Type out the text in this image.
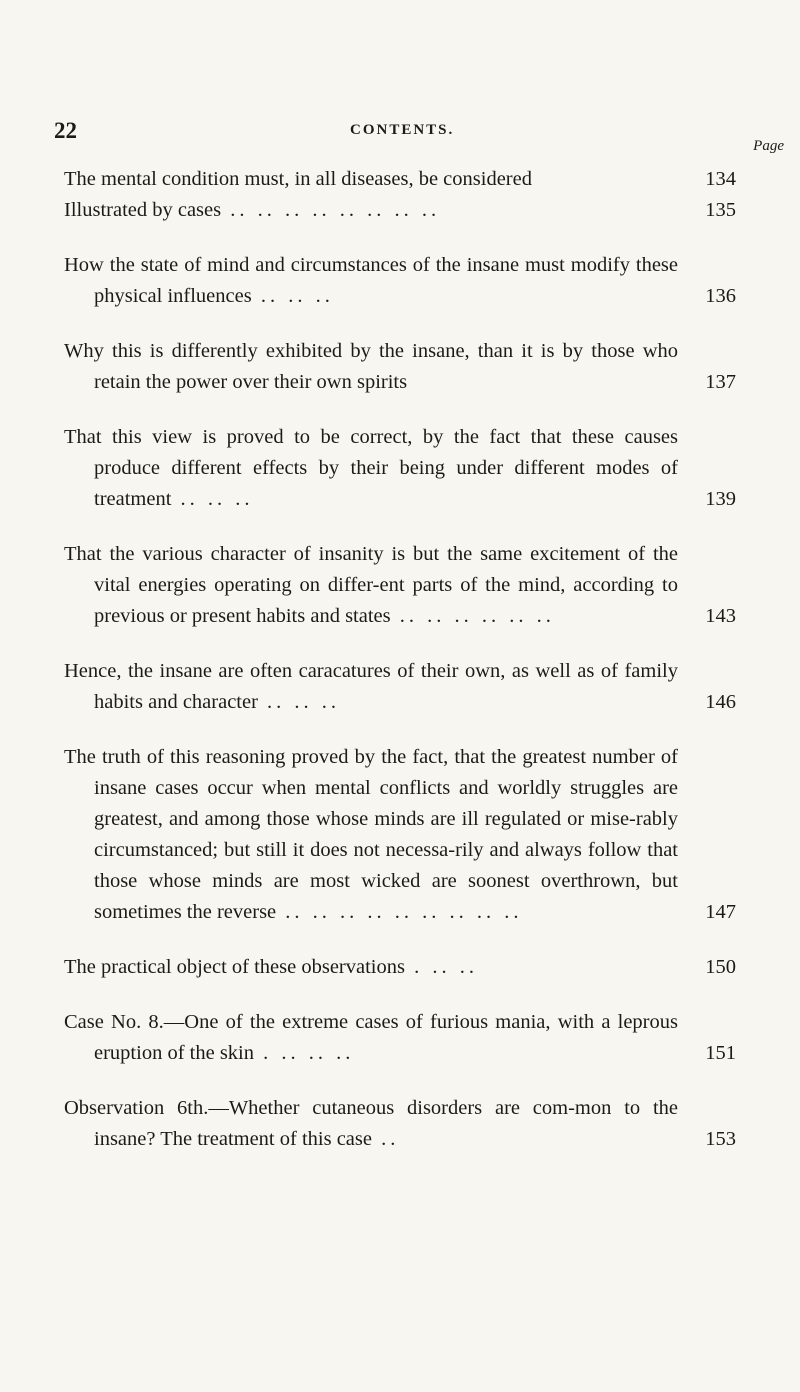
22	CONTENTS.
Page
The mental condition must, in all diseases, be considered	134
Illustrated by cases .. .. .. .. .. .. .. ..	135
How the state of mind and circumstances of the insane must modify these physical influences .. .. ..	136
Why this is differently exhibited by the insane, than it is by those who retain the power over their own spirits	137
That this view is proved to be correct, by the fact that these causes produce different effects by their being under different modes of treatment .. .. ..	139
That the various character of insanity is but the same excitement of the vital energies operating on differ-ent parts of the mind, according to previous or present habits and states .. .. .. .. .. ..	143
Hence, the insane are often caracatures of their own, as well as of family habits and character .. .. ..	146
The truth of this reasoning proved by the fact, that the greatest number of insane cases occur when mental conflicts and worldly struggles are greatest, and among those whose minds are ill regulated or mise-rably circumstanced; but still it does not necessa-rily and always follow that those whose minds are most wicked are soonest overthrown, but sometimes the reverse .. .. .. .. .. .. .. .. ..	147
The practical object of these observations . .. ..	150
Case No. 8.—One of the extreme cases of furious mania, with a leprous eruption of the skin . .. .. ..	151
Observation 6th.—Whether cutaneous disorders are com-mon to the insane? The treatment of this case ..	153
